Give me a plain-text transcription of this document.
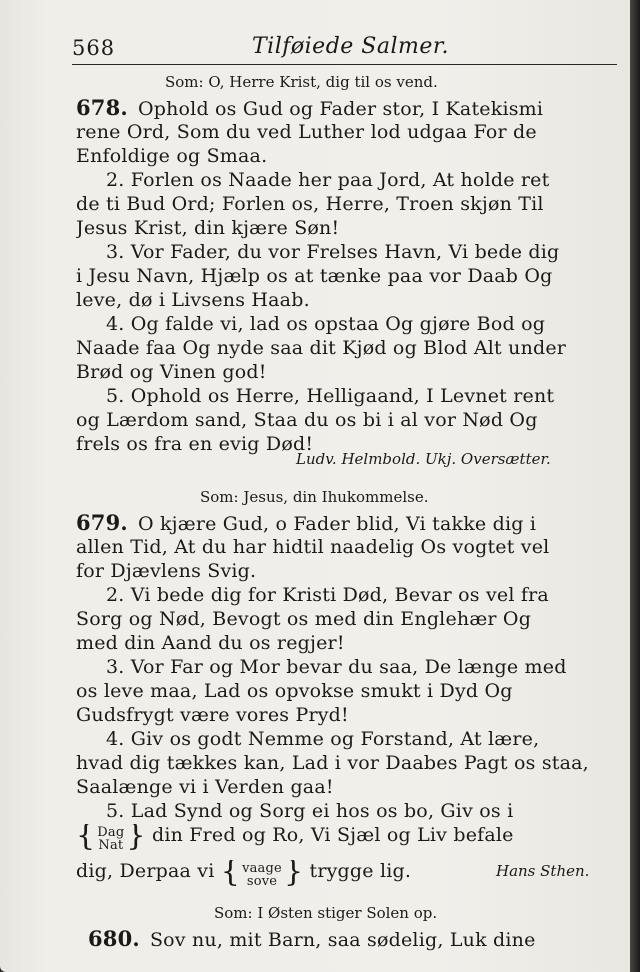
568	Tilføiede Salmer.
Som: O, Herre Krist, dig til os vend.
678. Ophold os Gud og Fader stor, I Katekismi
rene Ord, Som du ved Luther lod udgaa For de
Enfoldige og Smaa.
2. Forlen os Naade her paa Jord, At holde ret
de ti Bud Ord; Forlen os, Herre, Troen skjøn Til
Jesus Krist, din kjære Søn!
3. Vor Fader, du vor Frelses Havn, Vi bede dig
i Jesu Navn, Hjælp os at tænke paa vor Daab Og
leve, dø i Livsens Haab.
4. Og falde vi, lad os opstaa Og gjøre Bod og
Naade faa Og nyde saa dit Kjød og Blod Alt under
Brød og Vinen god!
5. Ophold os Herre, Helligaand, I Levnet rent
og Lærdom sand, Staa du os bi i al vor Nød Og
frels os fra en evig Død!
Ludv. Helmbold. Ukj. Oversætter.
Som: Jesus, din Ihukommelse.
679. O kjære Gud, o Fader blid, Vi takke dig i
allen Tid, At du har hidtil naadelig Os vogtet vel
for Djævlens Svig.
2. Vi bede dig for Kristi Død, Bevar os vel fra
Sorg og Nød, Bevogt os med din Englehær Og
med din Aand du os regjer!
3. Vor Far og Mor bevar du saa, De længe med
os leve maa, Lad os opvokse smukt i Dyd Og
Gudsfrygt være vores Pryd!
4. Giv os godt Nemme og Forstand, At lære,
hvad dig tækkes kan, Lad i vor Daabes Pagt os staa,
Saalænge vi i Verden gaa!
5. Lad Synd og Sorg ei hos os bo, Giv os i
{ Dag
Nat } din Fred og Ro, Vi Sjæl og Liv befale
dig, Derpaa vi { vaage
sove } trygge lig.	Hans Sthen.
Som: I Østen stiger Solen op.
680. Sov nu, mit Barn, saa sødelig, Luk dine
